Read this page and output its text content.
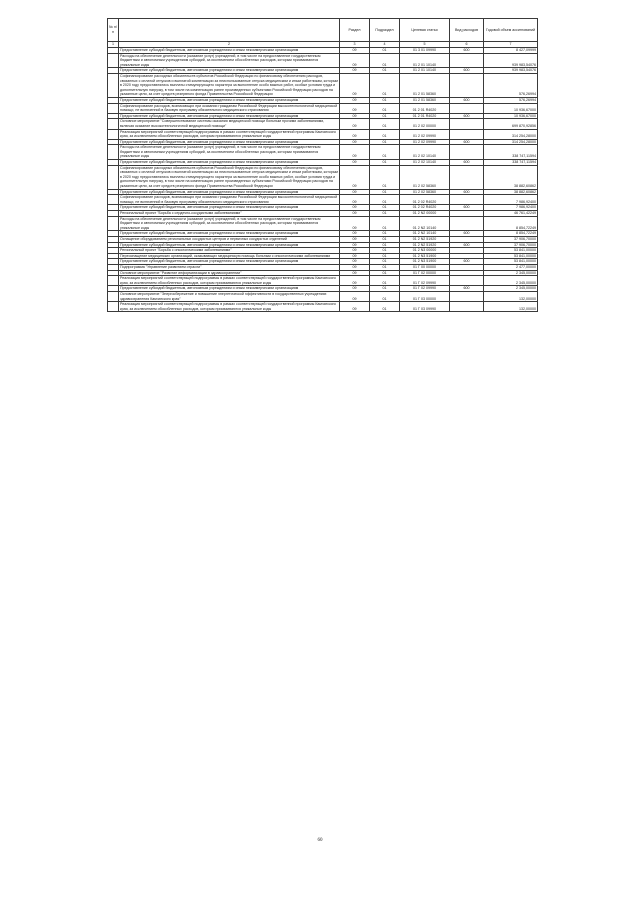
№ п/п		Раздел	Подраздел	Целевая статья	Вид расходов	Годовой объем ассигнований
1	2	3	4	5	6	7
	Предоставление субсидий бюджетным, автономным учреждениям и иным некоммерческим организациям	09	01	01 3 01 09990	600	8 427,09999
	Расходы на обеспечение деятельности (оказание услуг) учреждений, в том числе на предоставление государственным бюджетным и автономным учреждениям субсидий, за исключением обособленных расходов, которым присваиваются уникальные коды	09	01	01 2 01 10140		939 983,54076
	Предоставление субсидий бюджетным, автономным учреждениям и иным некоммерческим организациям	09	01	01 2 01 10140	600	939 983,54076
	Софинансирование расходных обязательств субъектов Российской Федерации по финансовому обеспечению расходов, связанных с оплатой отпусков и выплатой компенсации за неиспользованные отпуска медицинским и иным работникам, которым в 2020 году предоставлялись выплаты стимулирующего характера за выполнение особо важных работ, особые условия труда и дополнительную нагрузку, в том числе на компенсацию ранее произведенных субъектами Российской Федерации расходов на указанные цели, за счет средств резервного фонда Правительства Российской Федерации	09	01	01 2 01 58360		576,26994
	Предоставление субсидий бюджетным, автономным учреждениям и иным некоммерческим организациям	09	01	01 2 01 58360	600	576,26994
	Софинансирование расходов, возникающих при оказании гражданам Российской Федерации высокотехнологичной медицинской помощи, не включенной в базовую программу обязательного медицинского страхования	09	01	01 2 01 R4020		10 936,67000
	Предоставление субсидий бюджетным, автономным учреждениям и иным некоммерческим организациям	09	01	01 2 01 R4020	600	10 936,67000
	Основное мероприятие "Совершенствование системы оказания медицинской помощи больным прочими заболеваниями, включая оказание высокотехнологичной медицинской помощи"	09	01	01 2 02 00000		699 870,92856
	Реализация мероприятий соответствующей подпрограммы в рамках соответствующей государственной программы Камчатского края, за исключением обособленных расходов, которым присваиваются уникальные коды	09	01	01 2 02 09990		314 254,28000
	Предоставление субсидий бюджетным, автономным учреждениям и иным некоммерческим организациям	09	01	01 2 02 09990	600	314 254,28000
	Расходы на обеспечение деятельности (оказание услуг) учреждений, в том числе на предоставление государственным бюджетным и автономным учреждениям субсидий, за исключением обособленных расходов, которым присваиваются уникальные коды	09	01	01 2 02 10140		338 747,11594
	Предоставление субсидий бюджетным, автономным учреждениям и иным некоммерческим организациям	09	01	01 2 02 10140	600	338 747,11594
	Софинансирование расходных обязательств субъектов Российской Федерации по финансовому обеспечению расходов, связанных с оплатой отпусков и выплатой компенсации за неиспользованные отпуска медицинским и иным работникам, которым в 2020 году предоставлялись выплаты стимулирующего характера за выполнение особо важных работ, особые условия труда и дополнительную нагрузку, в том числе на компенсацию ранее произведенных субъектами Российской Федерации расходов на указанные цели, за счет средств резервного фонда Правительства Российской Федерации	09	01	01 2 02 58360		38 882,60862
	Предоставление субсидий бюджетным, автономным учреждениям и иным некоммерческим организациям	09	01	01 2 02 58360	600	38 882,60862
	Софинансирование расходов, возникающих при оказании гражданам Российской Федерации высокотехнологичной медицинской помощи, не включенной в базовую программу обязательного медицинского страхования	09	01	01 2 02 R4020		7 986,92400
	Предоставление субсидий бюджетным, автономным учреждениям и иным некоммерческим организациям	09	01	01 2 02 R4020	600	7 986,92400
	Региональный проект "Борьба с сердечно-сосудистыми заболеваниями"	09	01	01 2 N2 00000		46 761,42249
	Расходы на обеспечение деятельности (оказание услуг) учреждений, в том числе на предоставление государственным бюджетным и автономным учреждениям субсидий, за исключением обособленных расходов, которым присваиваются уникальные коды	09	01	01 2 N2 10140		8 854,72249
	Предоставление субсидий бюджетным, автономным учреждениям и иным некоммерческим организациям	09	01	01 2 N2 10140	600	8 854,72249
	Оснащение оборудованием региональных сосудистых центров и первичных сосудистых отделений	09	01	01 2 N2 51920		37 906,70000
	Предоставление субсидий бюджетным, автономным учреждениям и иным некоммерческим организациям	09	01	01 2 N2 51920	600	37 906,70000
	Региональный проект "Борьба с онкологическими заболеваниями"	09	01	01 2 N3 00000		53 841,00000
	Переоснащение медицинских организаций, оказывающих медицинскую помощь больным с онкологическими заболеваниями	09	01	01 2 N3 51900		53 841,00000
	Предоставление субсидий бюджетным, автономным учреждениям и иным некоммерческим организациям	09	01	01 2 N3 51900	600	53 841,00000
	Подпрограмма "Управление развитием отрасли"	09	01	01 Г 00 00000		2 477,00000
	Основное мероприятие "Развитие информатизации в здравоохранении"	09	01	01 Г 02 00000		2 345,00000
	Реализация мероприятий соответствующей подпрограммы в рамках соответствующей государственной программы Камчатского края, за исключением обособленных расходов, которым присваиваются уникальные коды	09	01	01 Г 02 09990		2 345,00000
	Предоставление субсидий бюджетным, автономным учреждениям и иным некоммерческим организациям	09	01	01 Г 02 09990	600	2 345,00000
	Основное мероприятие "Энергосбережение и повышение энергетической эффективности в государственных учреждениях здравоохранения Камчатского края"	09	01	01 Г 03 00000		132,00000
	Реализация мероприятий соответствующей подпрограммы в рамках соответствующей государственной программы Камчатского края, за исключением обособленных расходов, которым присваиваются уникальные коды	09	01	01 Г 03 09990		132,00000
60
